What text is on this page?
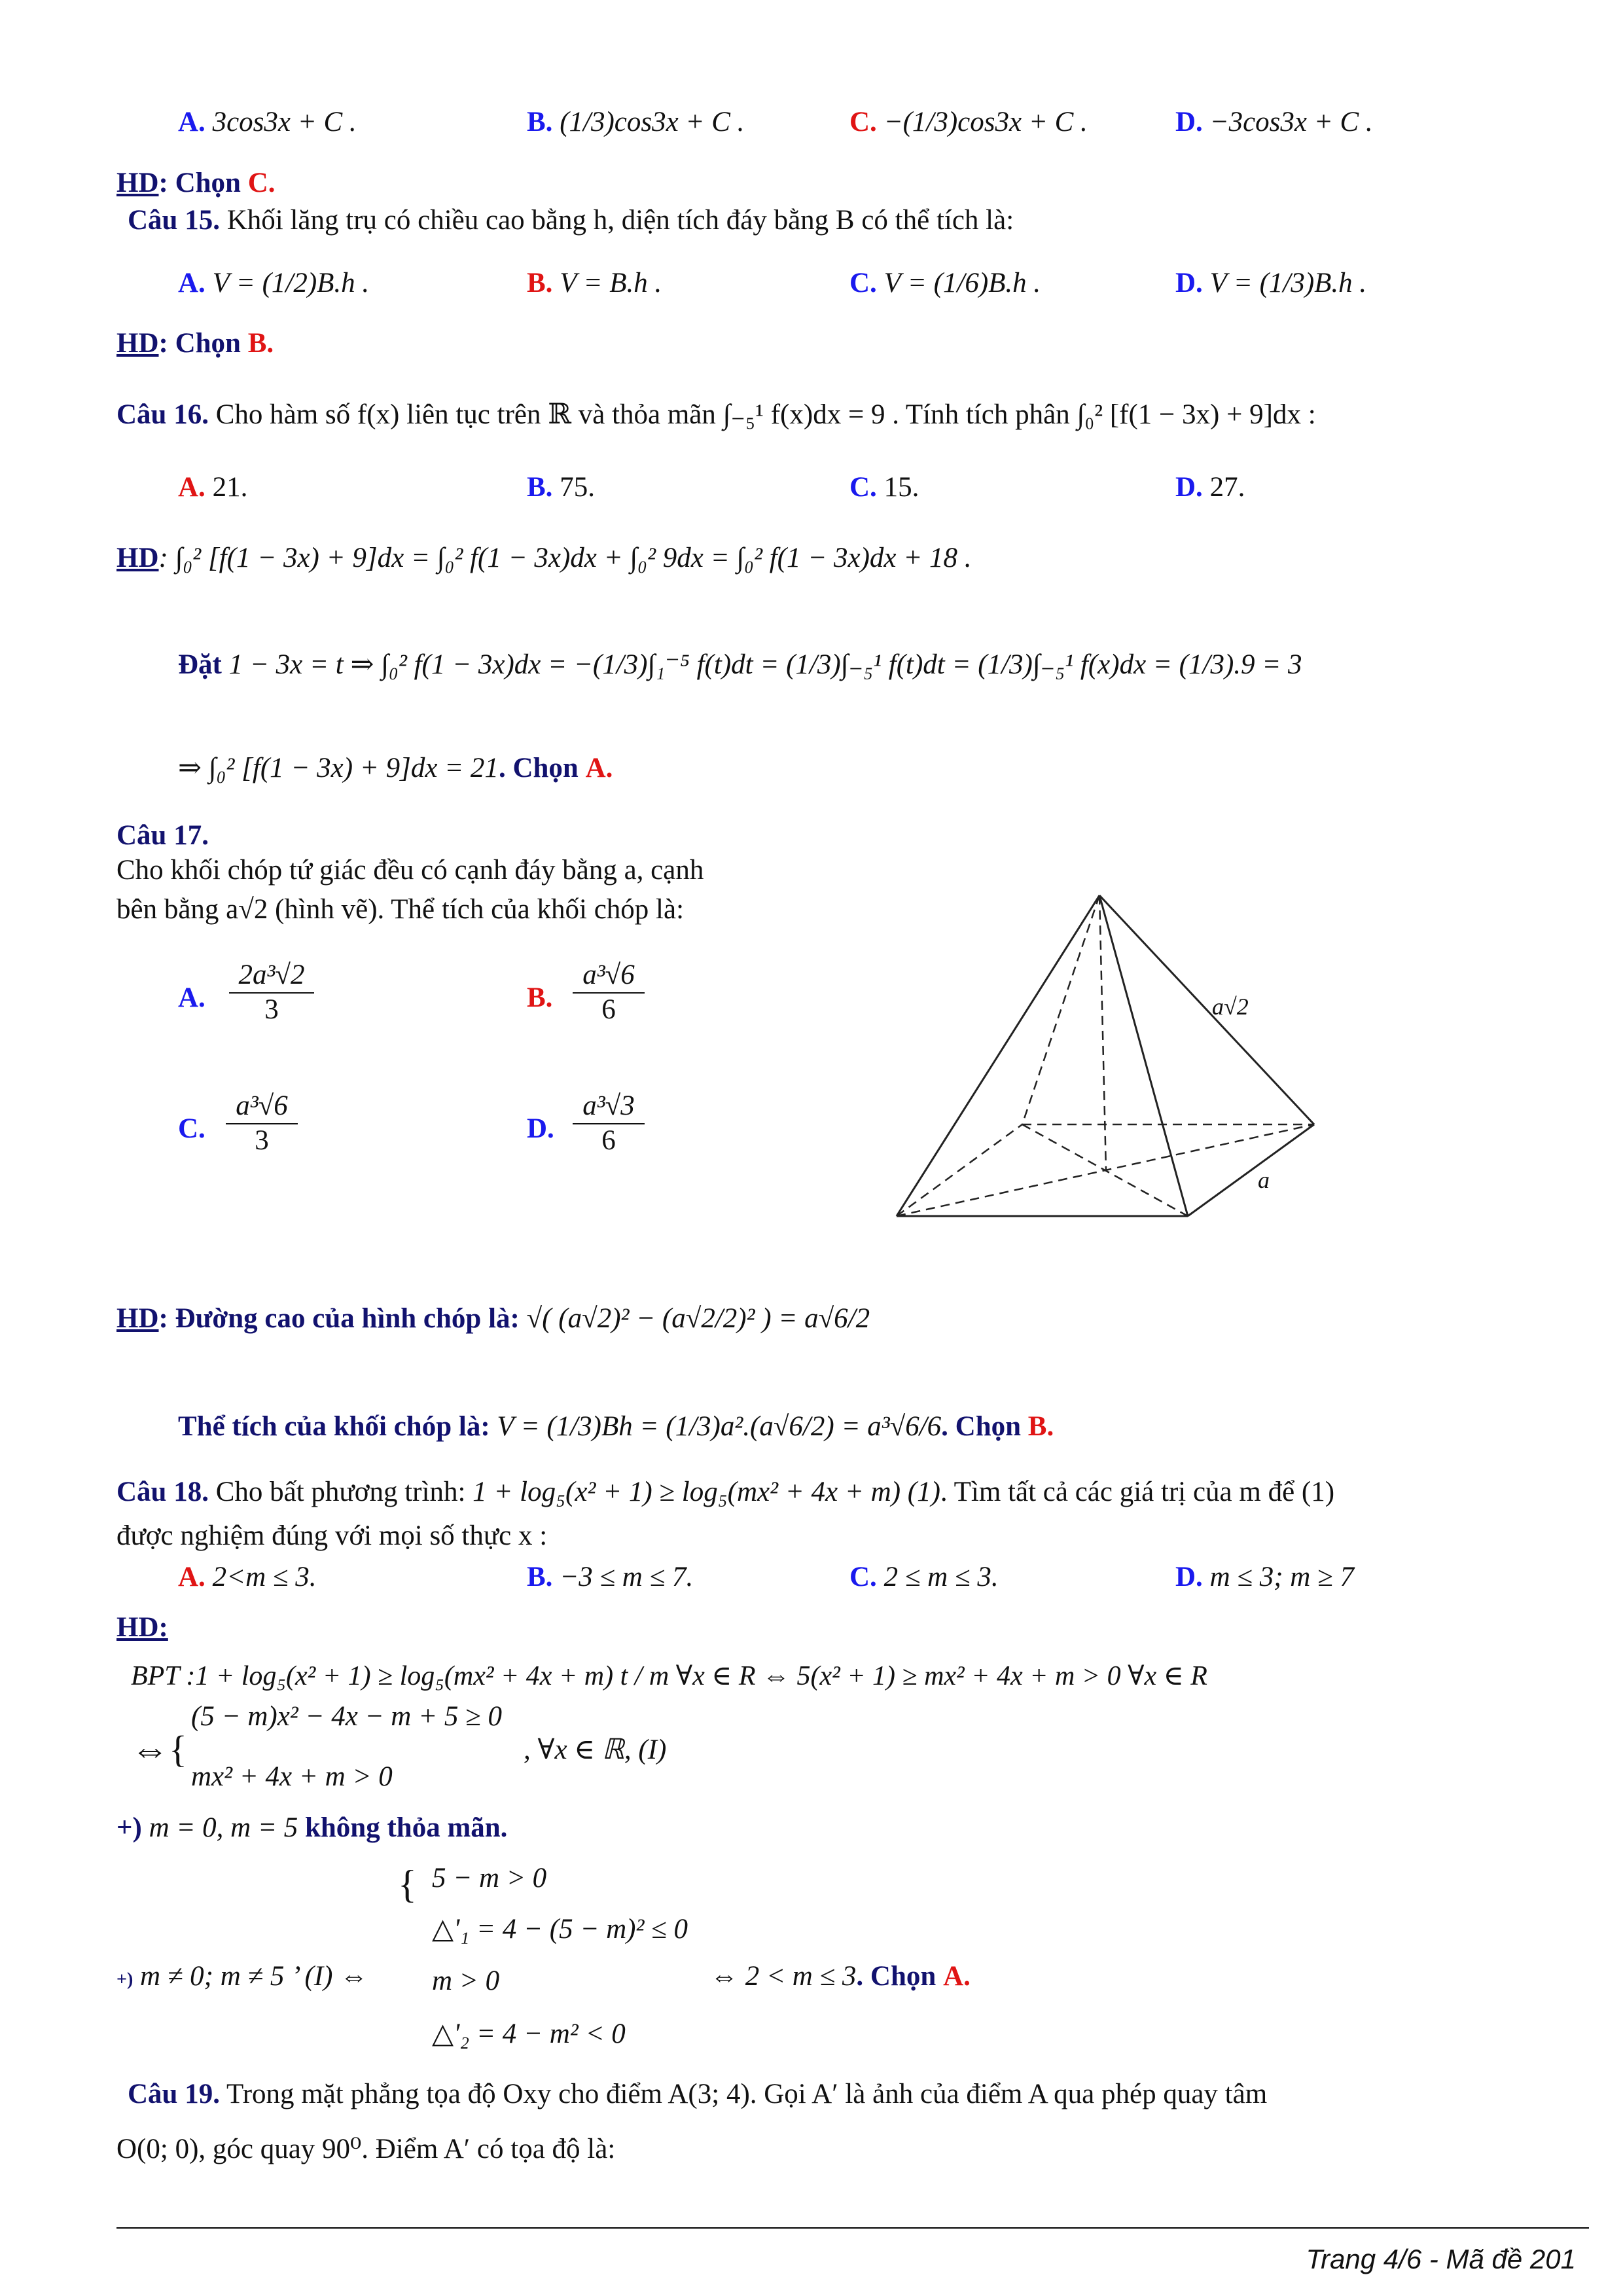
A. 3cos3x + C .	B. (1/3)cos3x + C .	C. −(1/3)cos3x + C .	D. −3cos3x + C .
HD: Chọn C.
Câu 15. Khối lăng trụ có chiều cao bằng h, diện tích đáy bằng B có thể tích là:
A. V = (1/2)B.h .	B. V = B.h .	C. V = (1/6)B.h .	D. V = (1/3)B.h .
HD: Chọn B.
Câu 16. Cho hàm số f(x) liên tục trên ℝ và thỏa mãn ∫₋₅¹ f(x)dx = 9 . Tính tích phân ∫₀² [f(1 − 3x) + 9]dx :
A. 21.	B. 75.	C. 15.	D. 27.
HD: ∫₀² [f(1 − 3x) + 9]dx = ∫₀² f(1 − 3x)dx + ∫₀² 9dx = ∫₀² f(1 − 3x)dx + 18 .
Đặt 1 − 3x = t ⇒ ∫₀² f(1 − 3x)dx = −(1/3)∫₁⁻⁵ f(t)dt = (1/3)∫₋₅¹ f(t)dt = (1/3)∫₋₅¹ f(x)dx = (1/3).9 = 3
⇒ ∫₀² [f(1 − 3x) + 9]dx = 21. Chọn A.
Câu 17.
Cho khối chóp tứ giác đều có cạnh đáy bằng a, cạnh
bên bằng a√2 (hình vẽ). Thể tích của khối chóp là:
A. $\frac{\text{2a³√2}}{3}$	B. $\frac{\text{a³√6}}{6}$
C. $\frac{\text{a³√6}}{3}$	D. $\frac{\text{a³√3}}{6}$
a√2
a
HD: Đường cao của hình chóp là: √( (a√2)² − (a√2/2)² ) = a√6/2
Thể tích của khối chóp là: V = (1/3)Bh = (1/3)a².(a√6/2) = a³√6/6. Chọn B.
Câu 18. Cho bất phương trình: 1 + log₅(x² + 1) ≥ log₅(mx² + 4x + m) (1). Tìm tất cả các giá trị của m để (1)
được nghiệm đúng với mọi số thực x :
A. 2<m ≤ 3.	B. −3 ≤ m ≤ 7.	C. 2 ≤ m ≤ 3.	D. m ≤ 3; m ≥ 7
HD:
BPT :1 + log₅(x² + 1) ≥ log₅(mx² + 4x + m) t / m ∀x ∈ R ⇔ 5(x² + 1) ≥ mx² + 4x + m > 0 ∀x ∈ R
⇔{
(5 − m)x² − 4x − m + 5 ≥ 0
mx² + 4x + m > 0
, ∀x ∈ ℝ, (I)
+) m = 0, m = 5 không thỏa mãn.
+) m ≠ 0; m ≠ 5 ’ (I) ⇔
{ 5 − m > 0
△'₁ = 4 − (5 − m)² ≤ 0
m > 0
△'₂ = 4 − m² < 0
⇔ 2 < m ≤ 3. Chọn A.
Câu 19. Trong mặt phẳng tọa độ Oxy cho điểm A(3; 4). Gọi A′ là ảnh của điểm A qua phép quay tâm
O(0; 0), góc quay 90⁰. Điểm A′ có tọa độ là:
Trang 4/6 - Mã đề 201
